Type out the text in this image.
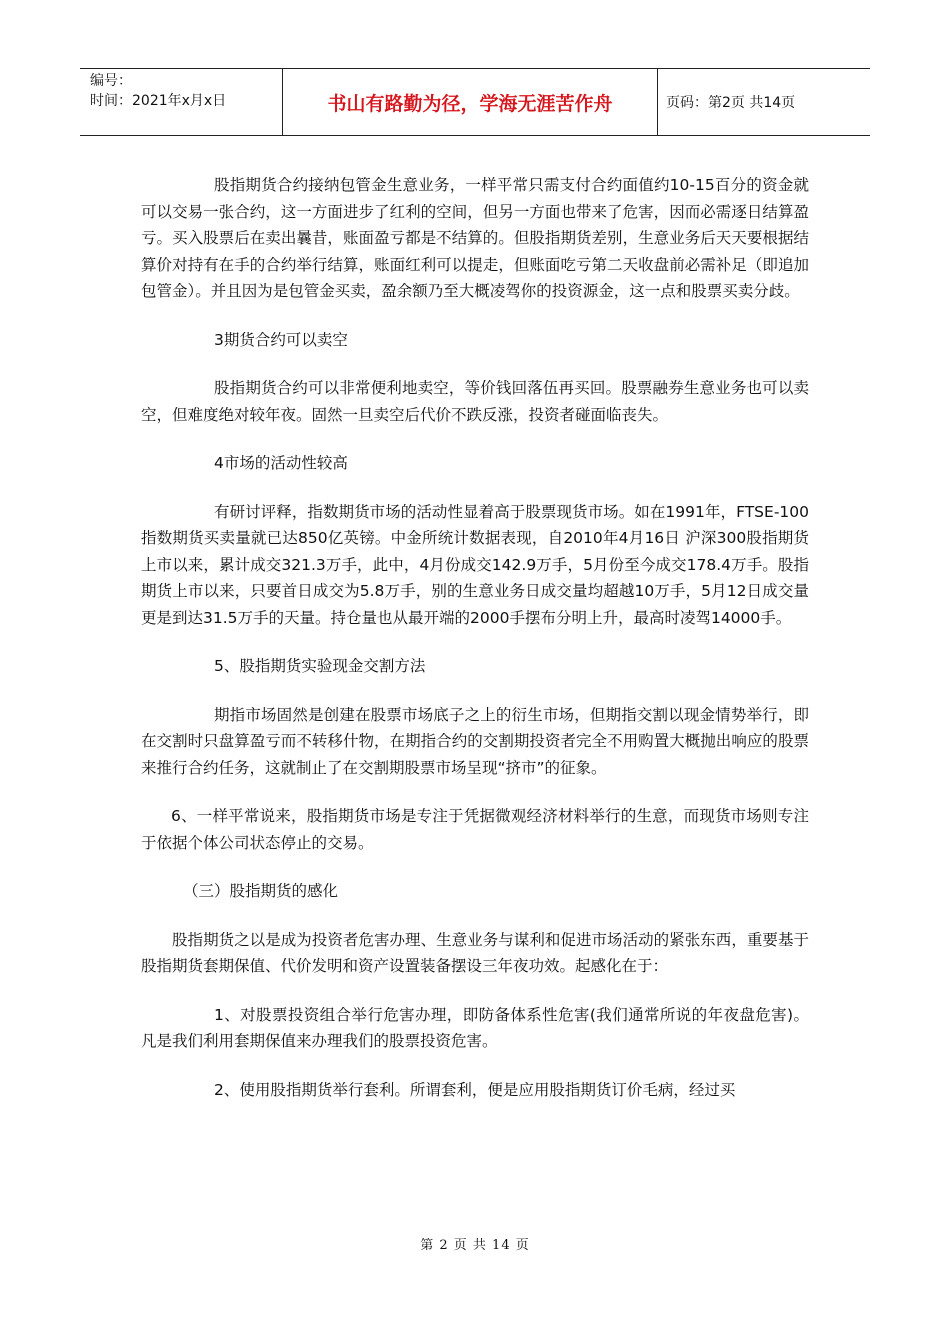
编号：
时间：2021年x月x日	书山有路勤为径，学海无涯苦作舟	页码：第2页 共14页

股指期货合约接纳包管金生意业务，一样平常只需支付合约面值约10-15百分的资金就可以交易一张合约，这一方面进步了红利的空间，但另一方面也带来了危害，因而必需逐日结算盈亏。买入股票后在卖出曩昔，账面盈亏都是不结算的。但股指期货差别，生意业务后天天要根据结算价对持有在手的合约举行结算，账面红利可以提走，但账面吃亏第二天收盘前必需补足（即追加包管金）。并且因为是包管金买卖，盈余额乃至大概凌驾你的投资源金，这一点和股票买卖分歧。

3期货合约可以卖空

股指期货合约可以非常便利地卖空，等价钱回落伍再买回。股票融券生意业务也可以卖空，但难度绝对较年夜。固然一旦卖空后代价不跌反涨，投资者碰面临丧失。

4市场的活动性较高

有研讨评释，指数期货市场的活动性显着高于股票现货市场。如在1991年，FTSE-100指数期货买卖量就已达850亿英镑。中金所统计数据表现，自2010年4月16日 沪深300股指期货上市以来，累计成交321.3万手，此中，4月份成交142.9万手，5月份至今成交178.4万手。股指期货上市以来，只要首日成交为5.8万手，别的生意业务日成交量均超越10万手，5月12日成交量更是到达31.5万手的天量。持仓量也从最开端的2000手摆布分明上升，最高时凌驾14000手。

5、股指期货实验现金交割方法

期指市场固然是创建在股票市场底子之上的衍生市场，但期指交割以现金情势举行，即在交割时只盘算盈亏而不转移什物，在期指合约的交割期投资者完全不用购置大概抛出响应的股票来推行合约任务，这就制止了在交割期股票市场呈现“挤市”的征象。

6、一样平常说来，股指期货市场是专注于凭据微观经济材料举行的生意，而现货市场则专注于依据个体公司状态停止的交易。

（三）股指期货的感化

股指期货之以是成为投资者危害办理、生意业务与谋利和促进市场活动的紧张东西，重要基于股指期货套期保值、代价发明和资产设置装备摆设三年夜功效。起感化在于：

1、对股票投资组合举行危害办理，即防备体系性危害(我们通常所说的年夜盘危害)。凡是我们利用套期保值来办理我们的股票投资危害。

2、使用股指期货举行套利。所谓套利，便是应用股指期货订价毛病，经过买

第 2 页 共 14 页
